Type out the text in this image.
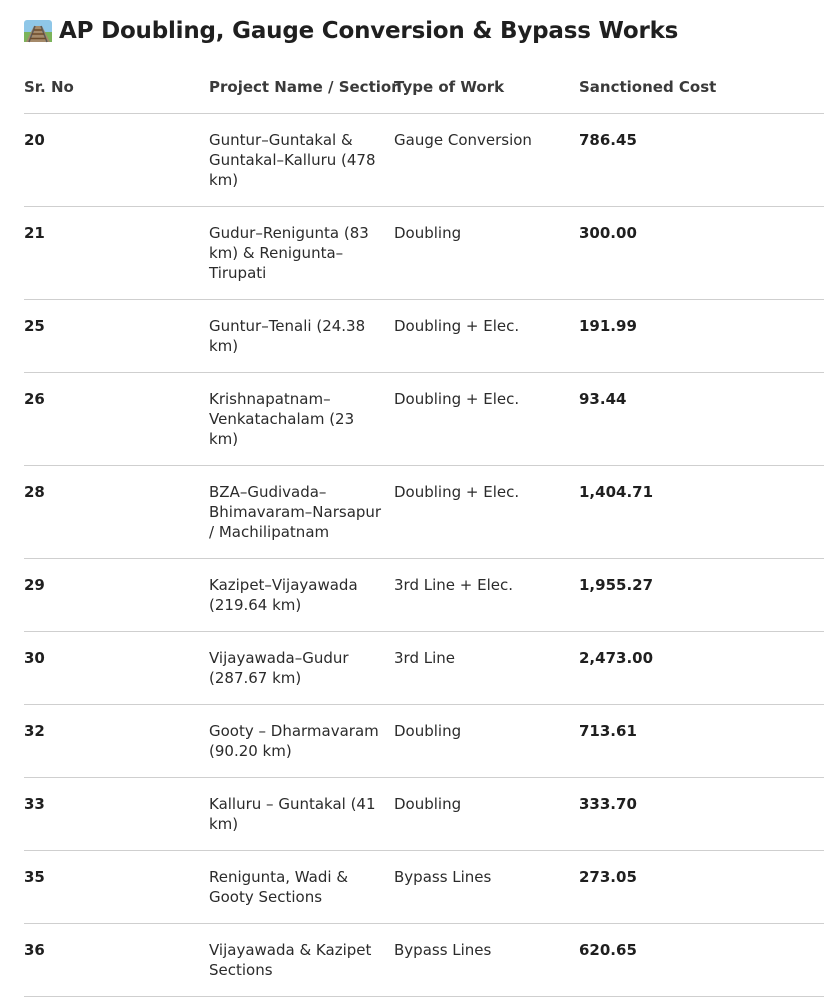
AP Doubling, Gauge Conversion & Bypass Works
Sr. No	Project Name / Section	Type of Work	Sanctioned Cost
20	Guntur–Guntakal & Guntakal–Kalluru (478 km)	Gauge Conversion	786.45
21	Gudur–Renigunta (83 km) & Renigunta–Tirupati	Doubling	300.00
25	Guntur–Tenali (24.38 km)	Doubling + Elec.	191.99
26	Krishnapatnam–Venkatachalam (23 km)	Doubling + Elec.	93.44
28	BZA–Gudivada–Bhimavaram–Narsapur / Machilipatnam	Doubling + Elec.	1,404.71
29	Kazipet–Vijayawada (219.64 km)	3rd Line + Elec.	1,955.27
30	Vijayawada–Gudur (287.67 km)	3rd Line	2,473.00
32	Gooty – Dharmavaram (90.20 km)	Doubling	713.61
33	Kalluru – Guntakal (41 km)	Doubling	333.70
35	Renigunta, Wadi & Gooty Sections	Bypass Lines	273.05
36	Vijayawada & Kazipet Sections	Bypass Lines	620.65
